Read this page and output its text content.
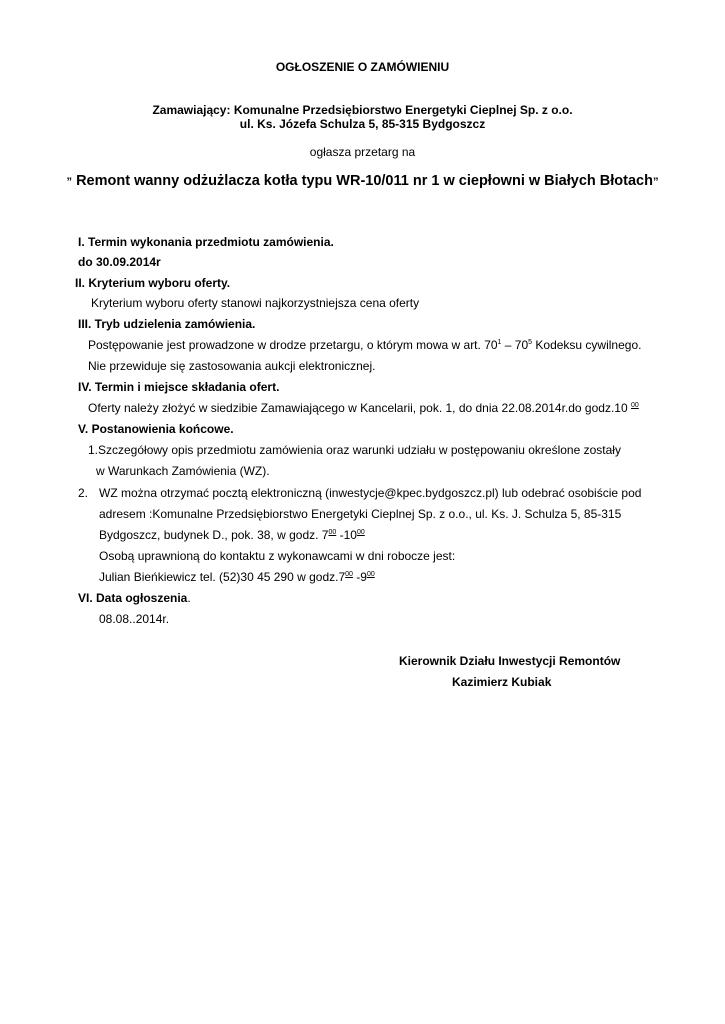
OGŁOSZENIE O ZAMÓWIENIU
Zamawiający: Komunalne Przedsiębiorstwo Energetyki Cieplnej Sp. z o.o.
ul. Ks. Józefa Schulza 5, 85-315 Bydgoszcz
ogłasza przetarg na
” Remont wanny odżużlacza kotła typu WR-10/011 nr 1 w ciepłowni w Białych Błotach”
I. Termin wykonania przedmiotu zamówienia.
do 30.09.2014r
II. Kryterium wyboru oferty.
Kryterium wyboru oferty stanowi najkorzystniejsza cena oferty
III. Tryb udzielenia zamówienia.
Postępowanie jest prowadzone w drodze przetargu, o którym mowa w art. $70^1 - 70^5$ Kodeksu cywilnego.
Nie przewiduje się zastosowania aukcji elektronicznej.
IV. Termin i miejsce składania ofert.
Oferty należy złożyć w siedzibie Zamawiającego w Kancelarii, pok. 1, do dnia 22.08.2014r.do godz.10 $^{00}$
V. Postanowienia końcowe.
1.Szczegółowy opis przedmiotu zamówienia oraz warunki udziału w postępowaniu określone zostały
w Warunkach Zamówienia (WZ).
2. WZ można otrzymać pocztą elektroniczną (inwestycje@kpec.bydgoszcz.pl) lub odebrać osobiście pod
adresem :Komunalne Przedsiębiorstwo Energetyki Cieplnej Sp. z o.o., ul. Ks. J. Schulza 5, 85-315
Bydgoszcz, budynek D., pok. 38, w godz. $7^{00}$ $-10^{00}$
Osobą uprawnioną do kontaktu z wykonawcami w dni robocze jest:
Julian Bieńkiewicz tel. (52)30 45 290 w $godz.7^{00}$ $-9^{00}$
VI. Data ogłoszenia.
08.08..2014r.
Kierownik Działu Inwestycji Remontów
Kazimierz Kubiak
